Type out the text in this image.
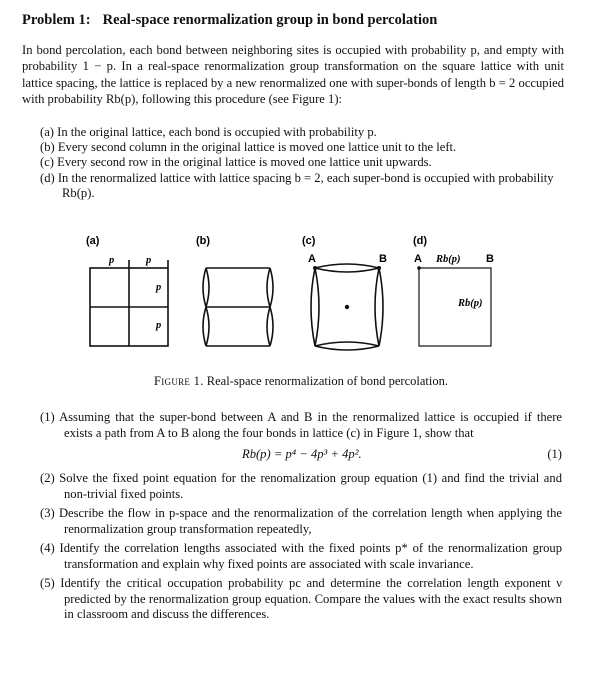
Problem 1: Real-space renormalization group in bond percolation
In bond percolation, each bond between neighboring sites is occupied with probability p, and empty with probability 1 − p. In a real-space renormalization group transformation on the square lattice with unit lattice spacing, the lattice is replaced by a new renormalized one with super-bonds of length b = 2 occupied with probability Rb(p), following this procedure (see Figure 1):
(a) In the original lattice, each bond is occupied with probability p.
(b) Every second column in the original lattice is moved one lattice unit to the left.
(c) Every second row in the original lattice is moved one lattice unit upwards.
(d) In the renormalized lattice with lattice spacing b = 2, each super-bond is occupied with probability Rb(p).
(a)	(b)	(c)	(d)
p	p
p
p
A	B A Rb(p) B
Rb(p)
Figure 1. Real-space renormalization of bond percolation.
(1) Assuming that the super-bond between A and B in the renormalized lattice is occupied if there exists a path from A to B along the four bonds in lattice (c) in Figure 1, show that
Rb(p) = p⁴ − 4p³ + 4p².	(1)
(2) Solve the fixed point equation for the renomalization group equation (1) and find the trivial and non-trivial fixed points.
(3) Describe the flow in p-space and the renormalization of the correlation length when applying the renormalization group transformation repeatedly,
(4) Identify the correlation lengths associated with the fixed points p* of the renormalization group transformation and explain why fixed points are associated with scale invariance.
(5) Identify the critical occupation probability pc and determine the correlation length exponent ν predicted by the renormalization group equation. Compare the values with the exact results shown in classroom and discuss the differences.
